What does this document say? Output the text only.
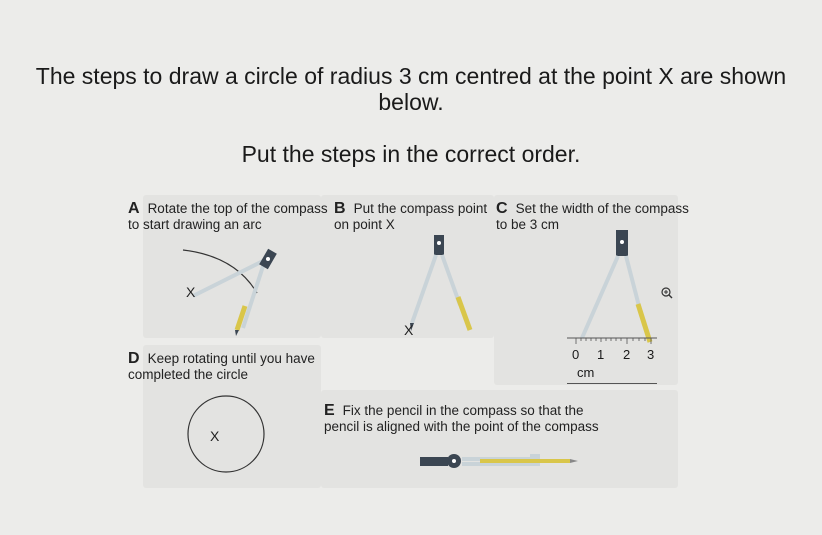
The steps to draw a circle of radius 3 cm centred at the point X are shown
below.
Put the steps in the correct order.
A Rotate the top of the compass
to start drawing an arc
X
B Put the compass point
on point X
X
C Set the width of the compass
to be 3 cm
0 1 2 3
cm
D Keep rotating until you have
completed the circle
X
E Fix the pencil in the compass so that the
pencil is aligned with the point of the compass
